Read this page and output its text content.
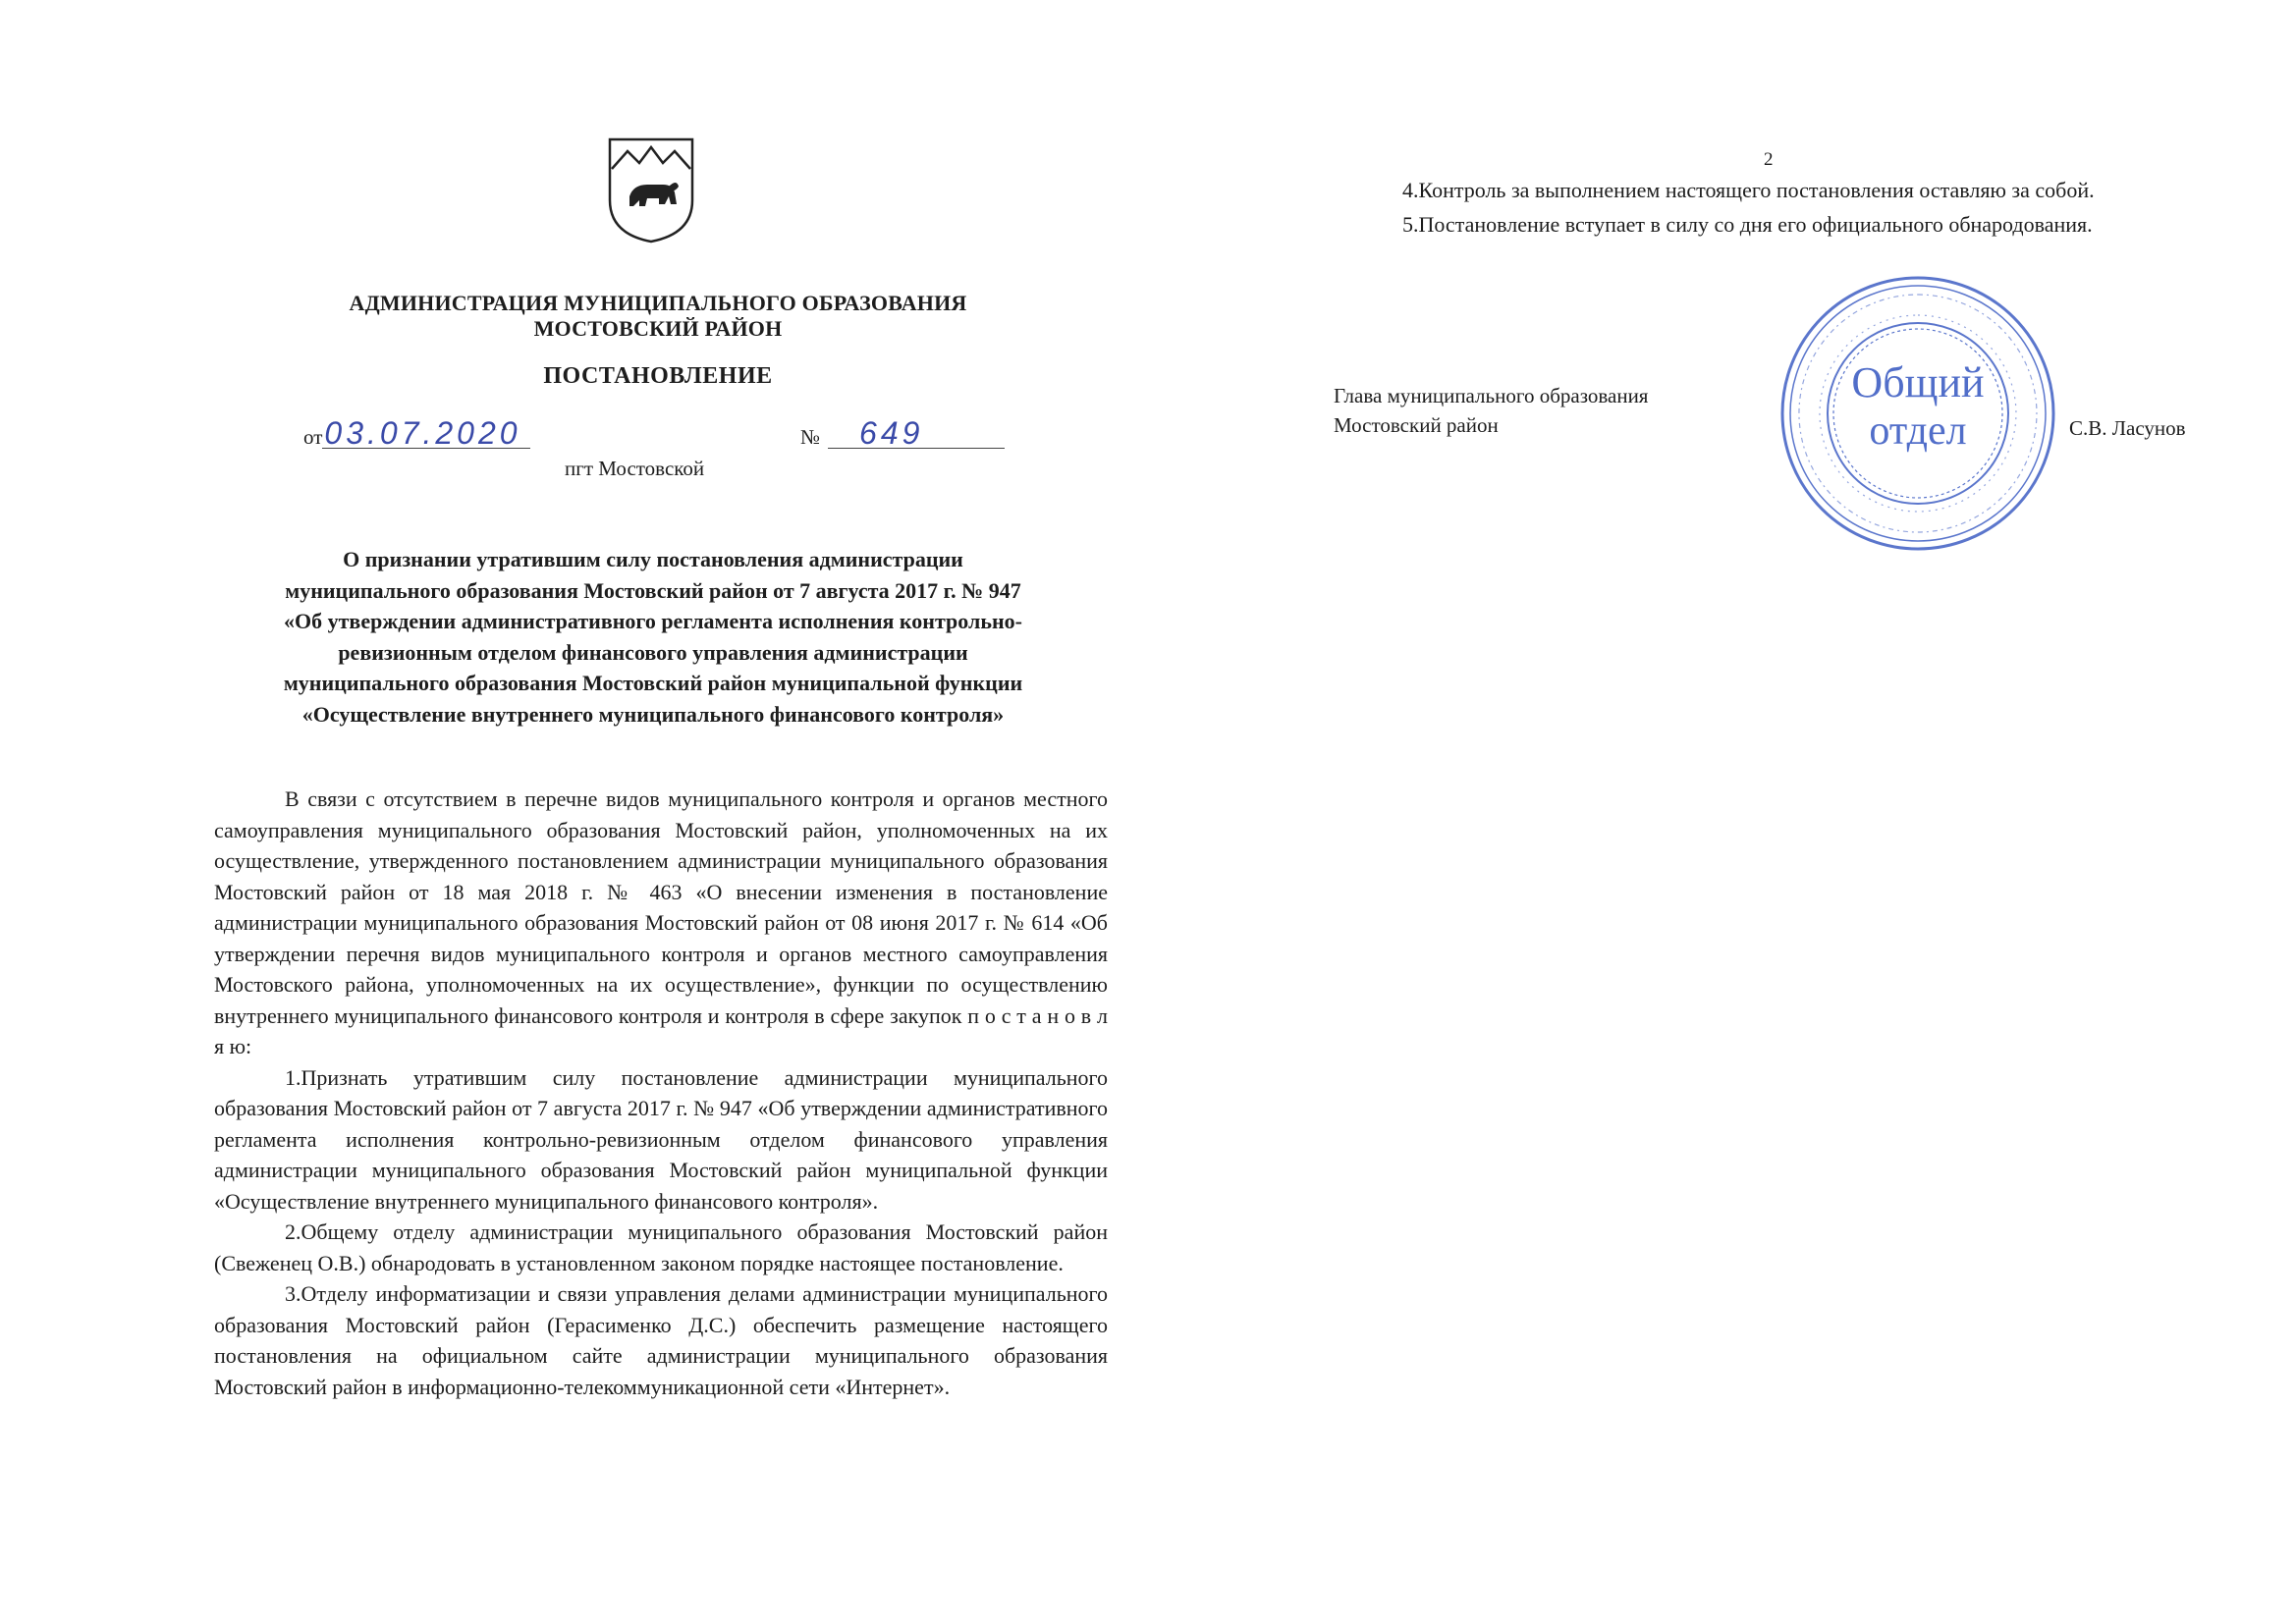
АДМИНИСТРАЦИЯ МУНИЦИПАЛЬНОГО ОБРАЗОВАНИЯ
МОСТОВСКИЙ РАЙОН
ПОСТАНОВЛЕНИЕ
от03.07.2020	№ 649
пгт Мостовской
О признании утратившим силу постановления администрации
муниципального образования Мостовский район от 7 августа 2017 г. № 947
«Об утверждении административного регламента исполнения контрольно-
ревизионным отделом финансового управления администрации
муниципального образования Мостовский район муниципальной функции
«Осуществление внутреннего муниципального финансового контроля»

В связи с отсутствием в перечне видов муниципального контроля и органов местного самоуправления муниципального образования Мостовский район, уполномоченных на их осуществление, утвержденного постановлением администрации муниципального образования Мостовский район от 18 мая 2018 г. № 463 «О внесении изменения в постановление администрации муниципального образования Мостовский район от 08 июня 2017 г. № 614 «Об утверждении перечня видов муниципального контроля и органов местного самоуправления Мостовского района, уполномоченных на их осуществление», функции по осуществлению внутреннего муниципального финансового контроля и контроля в сфере закупок п о с т а н о в л я ю:

1.Признать утратившим силу постановление администрации муниципального образования Мостовский район от 7 августа 2017 г. № 947 «Об утверждении административного регламента исполнения контрольно-ревизионным отделом финансового управления администрации муниципального образования Мостовский район муниципальной функции «Осуществление внутреннего муниципального финансового контроля».

2.Общему отделу администрации муниципального образования Мостовский район (Свеженец О.В.) обнародовать в установленном законом порядке настоящее постановление.

3.Отделу информатизации и связи управления делами администрации муниципального образования Мостовский район (Герасименко Д.С.) обеспечить размещение настоящего постановления на официальном сайте администрации муниципального образования Мостовский район в информационно-телекоммуникационной сети «Интернет».

2

4.Контроль за выполнением настоящего постановления оставляю за собой.

5.Постановление вступает в силу со дня его официального обнародования.

Глава муниципального образования
Мостовский район
Общий
отдел	С.В. Ласунов
